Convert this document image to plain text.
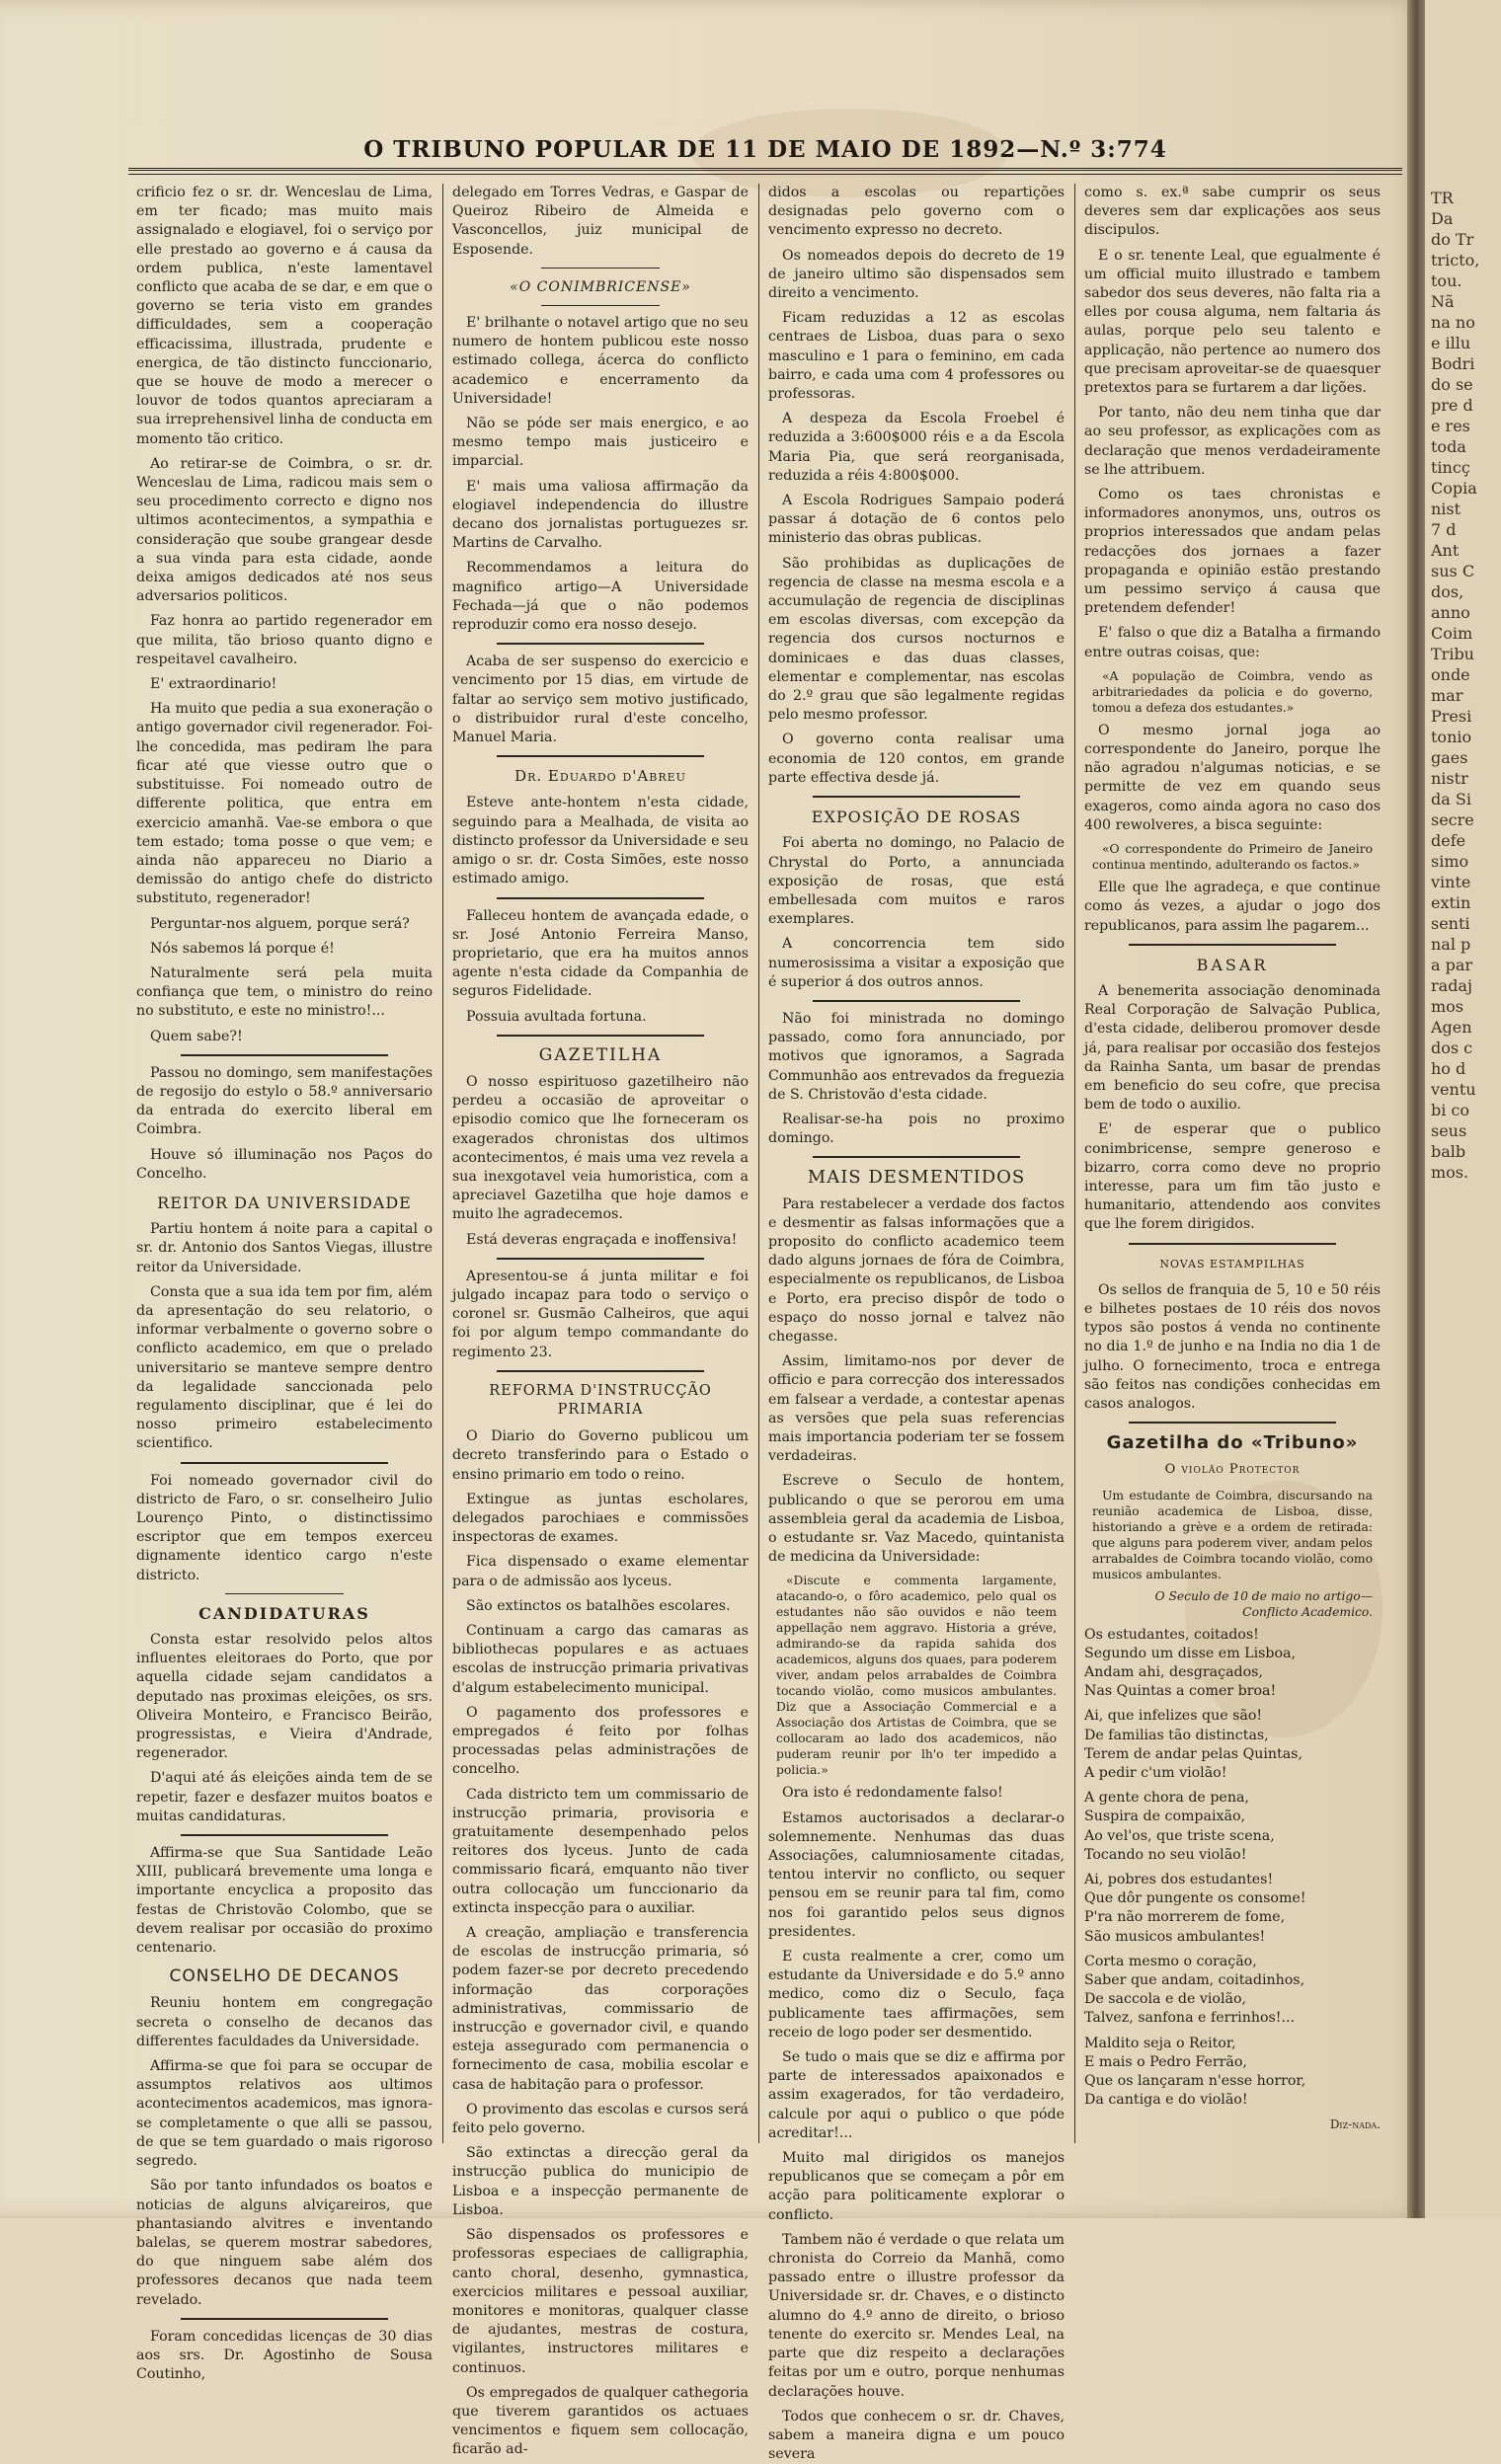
O TRIBUNO POPULAR DE 11 DE MAIO DE 1892—N.º 3:774

crificio fez o sr. dr. Wenceslau de Lima, em ter ficado; mas muito mais assignalado e elogiavel, foi o serviço por elle prestado ao governo e á causa da ordem publica, n'este lamentavel conflicto que acaba de se dar, e em que o governo se teria visto em grandes difficuldades, sem a cooperação efficacissima, illustrada, prudente e energica, de tão distincto funccionario, que se houve de modo a merecer o louvor de todos quantos apreciaram a sua irreprehensivel linha de conducta em momento tão critico.

Ao retirar-se de Coimbra, o sr. dr. Wenceslau de Lima, radicou mais sem o seu procedimento correcto e digno nos ultimos acontecimentos, a sympathia e consideração que soube grangear desde a sua vinda para esta cidade, aonde deixa amigos dedicados até nos seus adversarios politicos.

Faz honra ao partido regenerador em que milita, tão brioso quanto digno e respeitavel cavalheiro.

E' extraordinario!

Ha muito que pedia a sua exoneração o antigo governador civil regenerador. Foi-lhe concedida, mas pediram lhe para ficar até que viesse outro que o substituisse. Foi nomeado outro de differente politica, que entra em exercicio amanhã. Vae-se embora o que tem estado; toma posse o que vem; e ainda não appareceu no Diario a demissão do antigo chefe do districto substituto, regenerador!

Perguntar-nos alguem, porque será?

Nós sabemos lá porque é!

Naturalmente será pela muita confiança que tem, o ministro do reino no substituto, e este no ministro!...

Quem sabe?!

Passou no domingo, sem manifestações de regosijo do estylo o 58.º anniversario da entrada do exercito liberal em Coimbra.

Houve só illuminação nos Paços do Concelho.

REITOR DA UNIVERSIDADE

Partiu hontem á noite para a capital o sr. dr. Antonio dos Santos Viegas, illustre reitor da Universidade.

Consta que a sua ida tem por fim, além da apresentação do seu relatorio, o informar verbalmente o governo sobre o conflicto academico, em que o prelado universitario se manteve sempre dentro da legalidade sanccionada pelo regulamento disciplinar, que é lei do nosso primeiro estabelecimento scientifico.

Foi nomeado governador civil do districto de Faro, o sr. conselheiro Julio Lourenço Pinto, o distinctissimo escriptor que em tempos exerceu dignamente identico cargo n'este districto.

CANDIDATURAS

Consta estar resolvido pelos altos influentes eleitoraes do Porto, que por aquella cidade sejam candidatos a deputado nas proximas eleições, os srs. Oliveira Monteiro, e Francisco Beirão, progressistas, e Vieira d'Andrade, regenerador.

D'aqui até ás eleições ainda tem de se repetir, fazer e desfazer muitos boatos e muitas candidaturas.

Affirma-se que Sua Santidade Leão XIII, publicará brevemente uma longa e importante encyclica a proposito das festas de Christovão Colombo, que se devem realisar por occasião do proximo centenario.

CONSELHO DE DECANOS

Reuniu hontem em congregação secreta o conselho de decanos das differentes faculdades da Universidade.

Affirma-se que foi para se occupar de assumptos relativos aos ultimos acontecimentos academicos, mas ignora-se completamente o que alli se passou, de que se tem guardado o mais rigoroso segredo.

São por tanto infundados os boatos e noticias de alguns alviçareiros, que phantasiando alvitres e inventando balelas, se querem mostrar sabedores, do que ninguem sabe além dos professores decanos que nada teem revelado.

Foram concedidas licenças de 30 dias aos srs. Dr. Agostinho de Sousa Coutinho,

delegado em Torres Vedras, e Gaspar de Queiroz Ribeiro de Almeida e Vasconcellos, juiz municipal de Esposende.

«O CONIMBRICENSE»

E' brilhante o notavel artigo que no seu numero de hontem publicou este nosso estimado collega, ácerca do conflicto academico e encerramento da Universidade!

Não se póde ser mais energico, e ao mesmo tempo mais justiceiro e imparcial.

E' mais uma valiosa affirmação da elogiavel independencia do illustre decano dos jornalistas portuguezes sr. Martins de Carvalho.

Recommendamos a leitura do magnifico artigo—A Universidade Fechada—já que o não podemos reproduzir como era nosso desejo.

Acaba de ser suspenso do exercicio e vencimento por 15 dias, em virtude de faltar ao serviço sem motivo justificado, o distribuidor rural d'este concelho, Manuel Maria.

Dr. Eduardo d'Abreu

Esteve ante-hontem n'esta cidade, seguindo para a Mealhada, de visita ao distincto professor da Universidade e seu amigo o sr. dr. Costa Simões, este nosso estimado amigo.

Falleceu hontem de avançada edade, o sr. José Antonio Ferreira Manso, proprietario, que era ha muitos annos agente n'esta cidade da Companhia de seguros Fidelidade.

Possuia avultada fortuna.

GAZETILHA

O nosso espirituoso gazetilheiro não perdeu a occasião de aproveitar o episodio comico que lhe forneceram os exagerados chronistas dos ultimos acontecimentos, é mais uma vez revela a sua inexgotavel veia humoristica, com a apreciavel Gazetilha que hoje damos e muito lhe agradecemos.

Está deveras engraçada e inoffensiva!

Apresentou-se á junta militar e foi julgado incapaz para todo o serviço o coronel sr. Gusmão Calheiros, que aqui foi por algum tempo commandante do regimento 23.

REFORMA D'INSTRUCÇÃO PRIMARIA

O Diario do Governo publicou um decreto transferindo para o Estado o ensino primario em todo o reino.

Extingue as juntas escholares, delegados parochiaes e commissões inspectoras de exames.

Fica dispensado o exame elementar para o de admissão aos lyceus.

São extinctos os batalhões escolares.

Continuam a cargo das camaras as bibliothecas populares e as actuaes escolas de instrucção primaria privativas d'algum estabelecimento municipal.

O pagamento dos professores e empregados é feito por folhas processadas pelas administrações de concelho.

Cada districto tem um commissario de instrucção primaria, provisoria e gratuitamente desempenhado pelos reitores dos lyceus. Junto de cada commissario ficará, emquanto não tiver outra collocação um funccionario da extincta inspecção para o auxiliar.

A creação, ampliação e transferencia de escolas de instrucção primaria, só podem fazer-se por decreto precedendo informação das corporações administrativas, commissario de instrucção e governador civil, e quando esteja assegurado com permanencia o fornecimento de casa, mobilia escolar e casa de habitação para o professor.

O provimento das escolas e cursos será feito pelo governo.

São extinctas a direcção geral da instrucção publica do municipio de Lisboa e a inspecção permanente de Lisboa.

São dispensados os professores e professoras especiaes de calligraphia, canto choral, desenho, gymnastica, exercicios militares e pessoal auxiliar, monitores e monitoras, qualquer classe de ajudantes, mestras de costura, vigilantes, instructores militares e continuos.

Os empregados de qualquer cathegoria que tiverem garantidos os actuaes vencimentos e fiquem sem collocação, ficarão ad-

didos a escolas ou repartições designadas pelo governo com o vencimento expresso no decreto.

Os nomeados depois do decreto de 19 de janeiro ultimo são dispensados sem direito a vencimento.

Ficam reduzidas a 12 as escolas centraes de Lisboa, duas para o sexo masculino e 1 para o feminino, em cada bairro, e cada uma com 4 professores ou professoras.

A despeza da Escola Froebel é reduzida a 3:600$000 réis e a da Escola Maria Pia, que será reorganisada, reduzida a réis 4:800$000.

A Escola Rodrigues Sampaio poderá passar á dotação de 6 contos pelo ministerio das obras publicas.

São prohibidas as duplicações de regencia de classe na mesma escola e a accumulação de regencia de disciplinas em escolas diversas, com excepção da regencia dos cursos nocturnos e dominicaes e das duas classes, elementar e complementar, nas escolas do 2.º grau que são legalmente regidas pelo mesmo professor.

O governo conta realisar uma economia de 120 contos, em grande parte effectiva desde já.

EXPOSIÇÃO DE ROSAS

Foi aberta no domingo, no Palacio de Chrystal do Porto, a annunciada exposição de rosas, que está embellesada com muitos e raros exemplares.

A concorrencia tem sido numerosissima a visitar a exposição que é superior á dos outros annos.

Não foi ministrada no domingo passado, como fora annunciado, por motivos que ignoramos, a Sagrada Communhão aos entrevados da freguezia de S. Christovão d'esta cidade.

Realisar-se-ha pois no proximo domingo.

MAIS DESMENTIDOS

Para restabelecer a verdade dos factos e desmentir as falsas informações que a proposito do conflicto academico teem dado alguns jornaes de fóra de Coimbra, especialmente os republicanos, de Lisboa e Porto, era preciso dispôr de todo o espaço do nosso jornal e talvez não chegasse.

Assim, limitamo-nos por dever de officio e para correcção dos interessados em falsear a verdade, a contestar apenas as versões que pela suas referencias mais importancia poderiam ter se fossem verdadeiras.

Escreve o Seculo de hontem, publicando o que se perorou em uma assembleia geral da academia de Lisboa, o estudante sr. Vaz Macedo, quintanista de medicina da Universidade:

«Discute e commenta largamente, atacando-o, o fôro academico, pelo qual os estudantes não são ouvidos e não teem appellação nem aggravo. Historia a gréve, admirando-se da rapida sahida dos academicos, alguns dos quaes, para poderem viver, andam pelos arrabaldes de Coimbra tocando violão, como musicos ambulantes. Diz que a Associação Commercial e a Associação dos Artistas de Coimbra, que se collocaram ao lado dos academicos, não puderam reunir por lh'o ter impedido a policia.»

Ora isto é redondamente falso!

Estamos auctorisados a declarar-o solemnemente. Nenhumas das duas Associações, calumniosamente citadas, tentou intervir no conflicto, ou sequer pensou em se reunir para tal fim, como nos foi garantido pelos seus dignos presidentes.

E custa realmente a crer, como um estudante da Universidade e do 5.º anno medico, como diz o Seculo, faça publicamente taes affirmações, sem receio de logo poder ser desmentido.

Se tudo o mais que se diz e affirma por parte de interessados apaixonados e assim exagerados, for tão verdadeiro, calcule por aqui o publico o que póde acreditar!...

Muito mal dirigidos os manejos republicanos que se começam a pôr em acção para politicamente explorar o conflicto.

Tambem não é verdade o que relata um chronista do Correio da Manhã, como passado entre o illustre professor da Universidade sr. dr. Chaves, e o distincto alumno do 4.º anno de direito, o brioso tenente do exercito sr. Mendes Leal, na parte que diz respeito a declarações feitas por um e outro, porque nenhumas declarações houve.

Todos que conhecem o sr. dr. Chaves, sabem a maneira digna e um pouco severa

como s. ex.ª sabe cumprir os seus deveres sem dar explicações aos seus discipulos.

E o sr. tenente Leal, que egualmente é um official muito illustrado e tambem sabedor dos seus deveres, não falta ria a elles por cousa alguma, nem faltaria ás aulas, porque pelo seu talento e applicação, não pertence ao numero dos que precisam aproveitar-se de quaesquer pretextos para se furtarem a dar lições.

Por tanto, não deu nem tinha que dar ao seu professor, as explicações com as declaração que menos verdadeiramente se lhe attribuem.

Como os taes chronistas e informadores anonymos, uns, outros os proprios interessados que andam pelas redacções dos jornaes a fazer propaganda e opinião estão prestando um pessimo serviço á causa que pretendem defender!

E' falso o que diz a Batalha a firmando entre outras coisas, que:

«A população de Coimbra, vendo as arbitrariedades da policia e do governo, tomou a defeza dos estudantes.»

O mesmo jornal joga ao correspondente do Janeiro, porque lhe não agradou n'algumas noticias, e se permitte de vez em quando seus exageros, como ainda agora no caso dos 400 rewolveres, a bisca seguinte:

«O correspondente do Primeiro de Janeiro continua mentindo, adulterando os factos.»

Elle que lhe agradeça, e que continue como ás vezes, a ajudar o jogo dos republicanos, para assim lhe pagarem...

BASAR

A benemerita associação denominada Real Corporação de Salvação Publica, d'esta cidade, deliberou promover desde já, para realisar por occasião dos festejos da Rainha Santa, um basar de prendas em beneficio do seu cofre, que precisa bem de todo o auxilio.

E' de esperar que o publico conimbricense, sempre generoso e bizarro, corra como deve no proprio interesse, para um fim tão justo e humanitario, attendendo aos convites que lhe forem dirigidos.

NOVAS ESTAMPILHAS

Os sellos de franquia de 5, 10 e 50 réis e bilhetes postaes de 10 réis dos novos typos são postos á venda no continente no dia 1.º de junho e na India no dia 1 de julho. O fornecimento, troca e entrega são feitos nas condições conhecidas em casos analogos.

Gazetilha do «Tribuno»
O violão Protector

Um estudante de Coimbra, discursando na reunião academica de Lisboa, disse, historiando a grève e a ordem de retirada: que alguns para poderem viver, andam pelos arrabaldes de Coimbra tocando violão, como musicos ambulantes.

O Seculo de 10 de maio no artigo—Conflicto Academico.

Os estudantes, coitados!
Segundo um disse em Lisboa,
Andam ahi, desgraçados,
Nas Quintas a comer broa!

Ai, que infelizes que são!
De familias tão distinctas,
Terem de andar pelas Quintas,
A pedir c'um violão!

A gente chora de pena,
Suspira de compaixão,
Ao vel'os, que triste scena,
Tocando no seu violão!

Ai, pobres dos estudantes!
Que dôr pungente os consome!
P'ra não morrerem de fome,
São musicos ambulantes!

Corta mesmo o coração,
Saber que andam, coitadinhos,
De saccola e de violão,
Talvez, sanfona e ferrinhos!...

Maldito seja o Reitor,
E mais o Pedro Ferrão,
Que os lançaram n'esse horror,
Da cantiga e do violão!

Diz-nada.

TR
Da
do Tr
tricto,
tou.
Nã
na no
e illu
Bodri
do se
pre d
e res
toda
tincç
Copia
nist
7 d
Ant
sus C
dos,
anno
Coim
Tribu
onde
mar
Presi
tonio
gaes
nistr
da Si
secre
defe
simo
vinte
extin
senti
nal p
a par
radaj
mos
Agen
dos c
ho d
ventu
bi co
seus
balb
mos.
